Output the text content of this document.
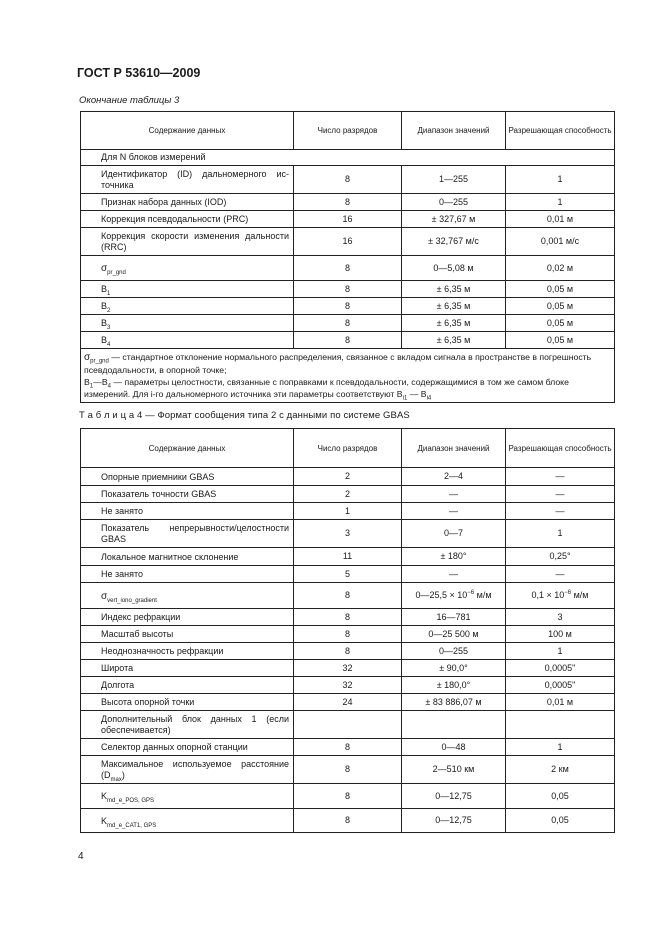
ГОСТ Р 53610—2009
Окончание таблицы 3
Содержание данных	Число разрядов	Диапазон значений	Разрешающая способность
Для N блоков измерений			
Идентификатор (ID) дальномерного источника	8	1—255	1
Признак набора данных (IOD)	8	0—255	1
Коррекция псевдодальности (PRC)	16	± 327,67 м	0,01 м
Коррекция скорости изменения дальности (RRC)	16	± 32,767 м/с	0,001 м/с
$\sigma_{pr\_gnd}$	8	0—5,08 м	0,02 м
$B_1$	8	± 6,35 м	0,05 м
$B_2$	8	± 6,35 м	0,05 м
$B_3$	8	± 6,35 м	0,05 м
$B_4$	8	± 6,35 м	0,05 м
$\sigma_{pr\_gnd}$ — стандартное отклонение нормального распределения, связанное с вкладом сигнала в пространстве в погрешность псевдодальности, в опорной точке;
$B_1—B_4$ — параметры целостности, связанные с поправками к псевдодальности, содержащимися в том же самом блоке измерений. Для i-го дальномерного источника эти параметры соответствуют $B_{i1}$ — $B_{i4}$
Т а б л и ц а 4 — Формат сообщения типа 2 с данными по системе GBAS
Содержание данных	Число разрядов	Диапазон значений	Разрешающая способность
Опорные приемники GBAS	2	2—4	—
Показатель точности GBAS	2	—	—
Не занято	1	—	—
Показатель непрерывности/целостности GBAS	3	0—7	1
Локальное магнитное склонение	11	± 180°	0,25°
Не занято	5	—	—
$\sigma_{vert\_iono\_gradient}$	8	0—25,5 × $10^{-6}$ м/м	$0,1 \times 10^{-6}$ м/м
Индекс рефракции	8	16—781	3
Масштаб высоты	8	0—25 500 м	100 м
Неоднозначность рефракции	8	0—255	1
Широта	32	± 90,0°	0,0005"
Долгота	32	± 180,0°	0,0005"
Высота опорной точки	24	± 83 886,07 м	0,01 м
Дополнительный блок данных 1 (если обеспечивается)			
Селектор данных опорной станции	8	0—48	1
Максимальное используемое расстояние $(D_{max})$	8	2—510 км	2 км
$K_{md\_e\_POS, GPS}$	8	0—12,75	0,05
$K_{md\_e\_CAT1, GPS}$	8	0—12,75	0,05
4
